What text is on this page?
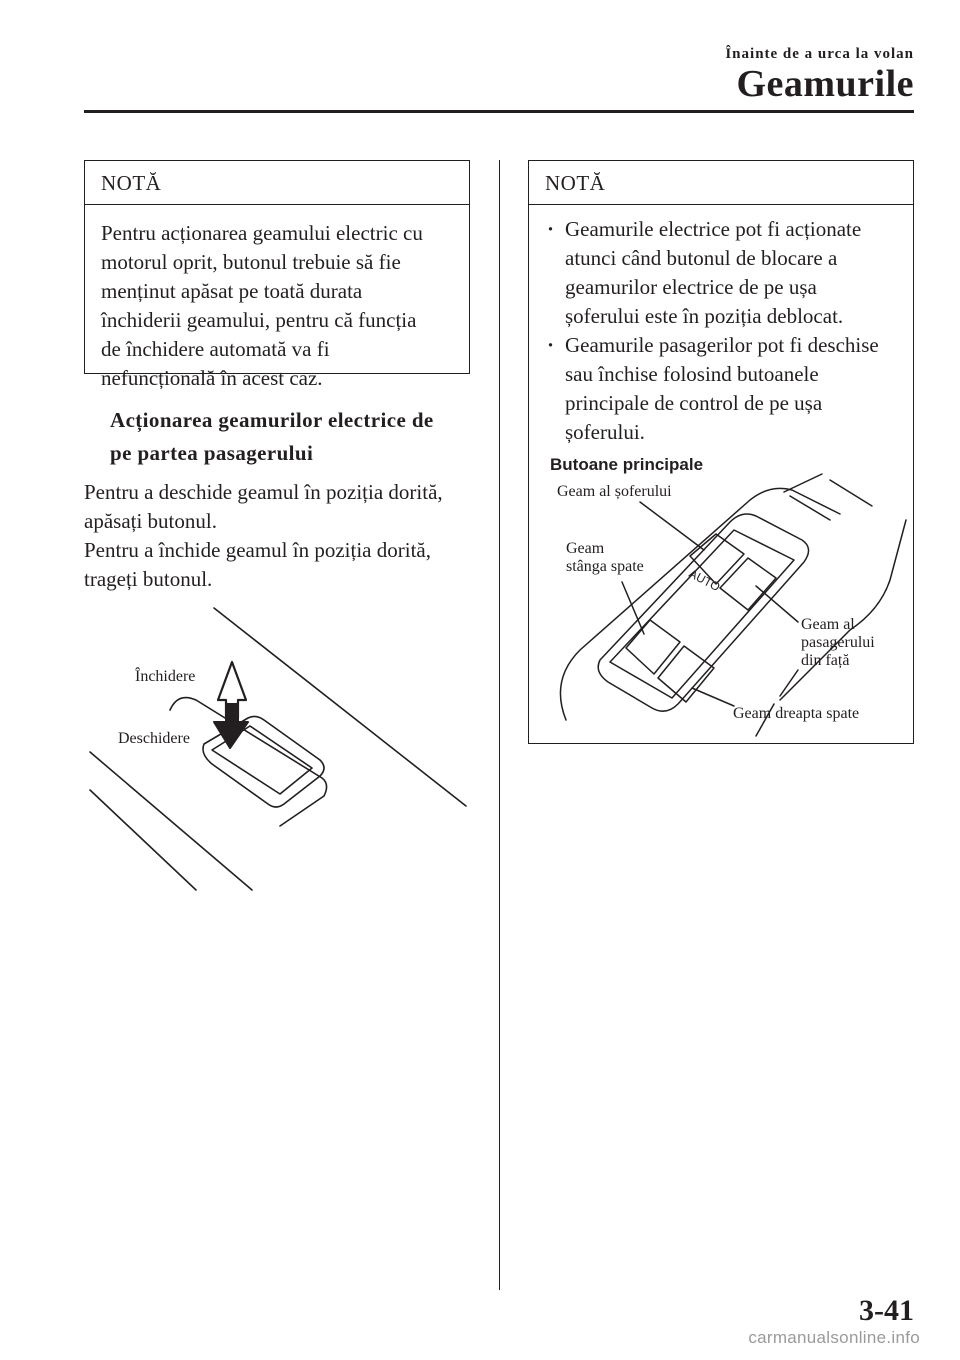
Înainte de a urca la volan
Geamurile
NOTĂ
Pentru acționarea geamului electric cu
motorul oprit, butonul trebuie să fie
menținut apăsat pe toată durata
închiderii geamului, pentru că funcția
de închidere automată va fi
nefuncțională în acest caz.
Acționarea geamurilor electrice de
pe partea pasagerului
Pentru a deschide geamul în poziția dorită,
apăsați butonul.
Pentru a închide geamul în poziția dorită,
trageți butonul.
Închidere
Deschidere
NOTĂ
· Geamurile electrice pot fi acționate
atunci când butonul de blocare a
geamurilor electrice de pe ușa
șoferului este în poziția deblocat.
· Geamurile pasagerilor pot fi deschise
sau închise folosind butoanele
principale de control de pe ușa
șoferului.
Butoane principale
AUTO
Geam al șoferului
Geam
stânga spate
Geam al
pasagerului
din față
Geam dreapta spate
3-41
carmanualsonline.info
